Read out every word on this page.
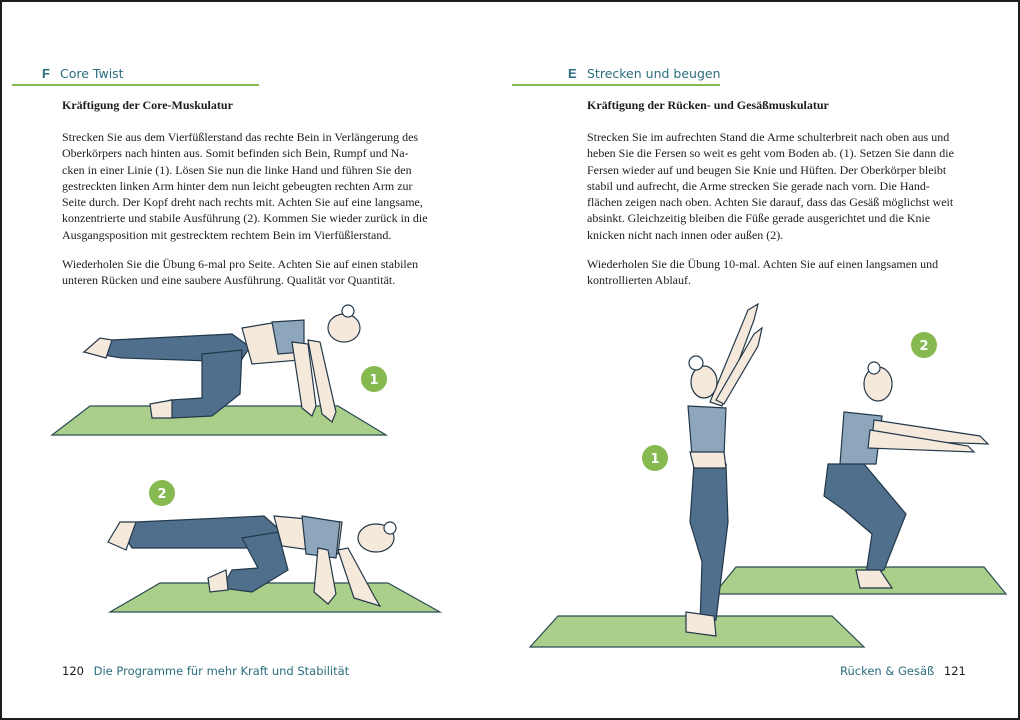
F Core Twist
Kräftigung der Core-Muskulatur
Strecken Sie aus dem Vierfüßlerstand das rechte Bein in Verlängerung des
Oberkörpers nach hinten aus. Somit befinden sich Bein, Rumpf und Na-
cken in einer Linie (1). Lösen Sie nun die linke Hand und führen Sie den
gestreckten linken Arm hinter dem nun leicht gebeugten rechten Arm zur
Seite durch. Der Kopf dreht nach rechts mit. Achten Sie auf eine langsame,
konzentrierte und stabile Ausführung (2). Kommen Sie wieder zurück in die
Ausgangsposition mit gestrecktem rechtem Bein im Vierfüßlerstand.
Wiederholen Sie die Übung 6-mal pro Seite. Achten Sie auf einen stabilen
unteren Rücken und eine saubere Ausführung. Qualität vor Quantität.
1
2
120 Die Programme für mehr Kraft und Stabilität
E Strecken und beugen
Kräftigung der Rücken- und Gesäßmuskulatur
Strecken Sie im aufrechten Stand die Arme schulterbreit nach oben aus und
heben Sie die Fersen so weit es geht vom Boden ab. (1). Setzen Sie dann die
Fersen wieder auf und beugen Sie Knie und Hüften. Der Oberkörper bleibt
stabil und aufrecht, die Arme strecken Sie gerade nach vorn. Die Hand-
flächen zeigen nach oben. Achten Sie darauf, dass das Gesäß möglichst weit
absinkt. Gleichzeitig bleiben die Füße gerade ausgerichtet und die Knie
knicken nicht nach innen oder außen (2).
Wiederholen Sie die Übung 10-mal. Achten Sie auf einen langsamen und
kontrollierten Ablauf.
1
2
Rücken & Gesäß 121
